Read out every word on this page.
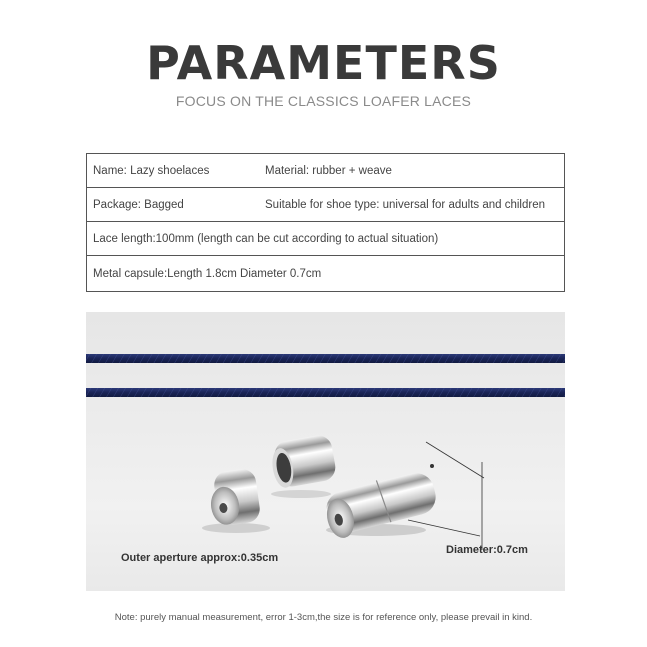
PARAMETERS
FOCUS ON THE CLASSICS LOAFER LACES
Name: Lazy shoelaces	Material: rubber + weave
Package: Bagged	Suitable for shoe type: universal for adults and children
Lace length:100mm (length can be cut according to actual situation)
Metal capsule:Length 1.8cm Diameter 0.7cm
Outer aperture approx:0.35cm
Diameter:0.7cm
Note: purely manual measurement, error 1-3cm,the size is for reference only, please prevail in kind.
